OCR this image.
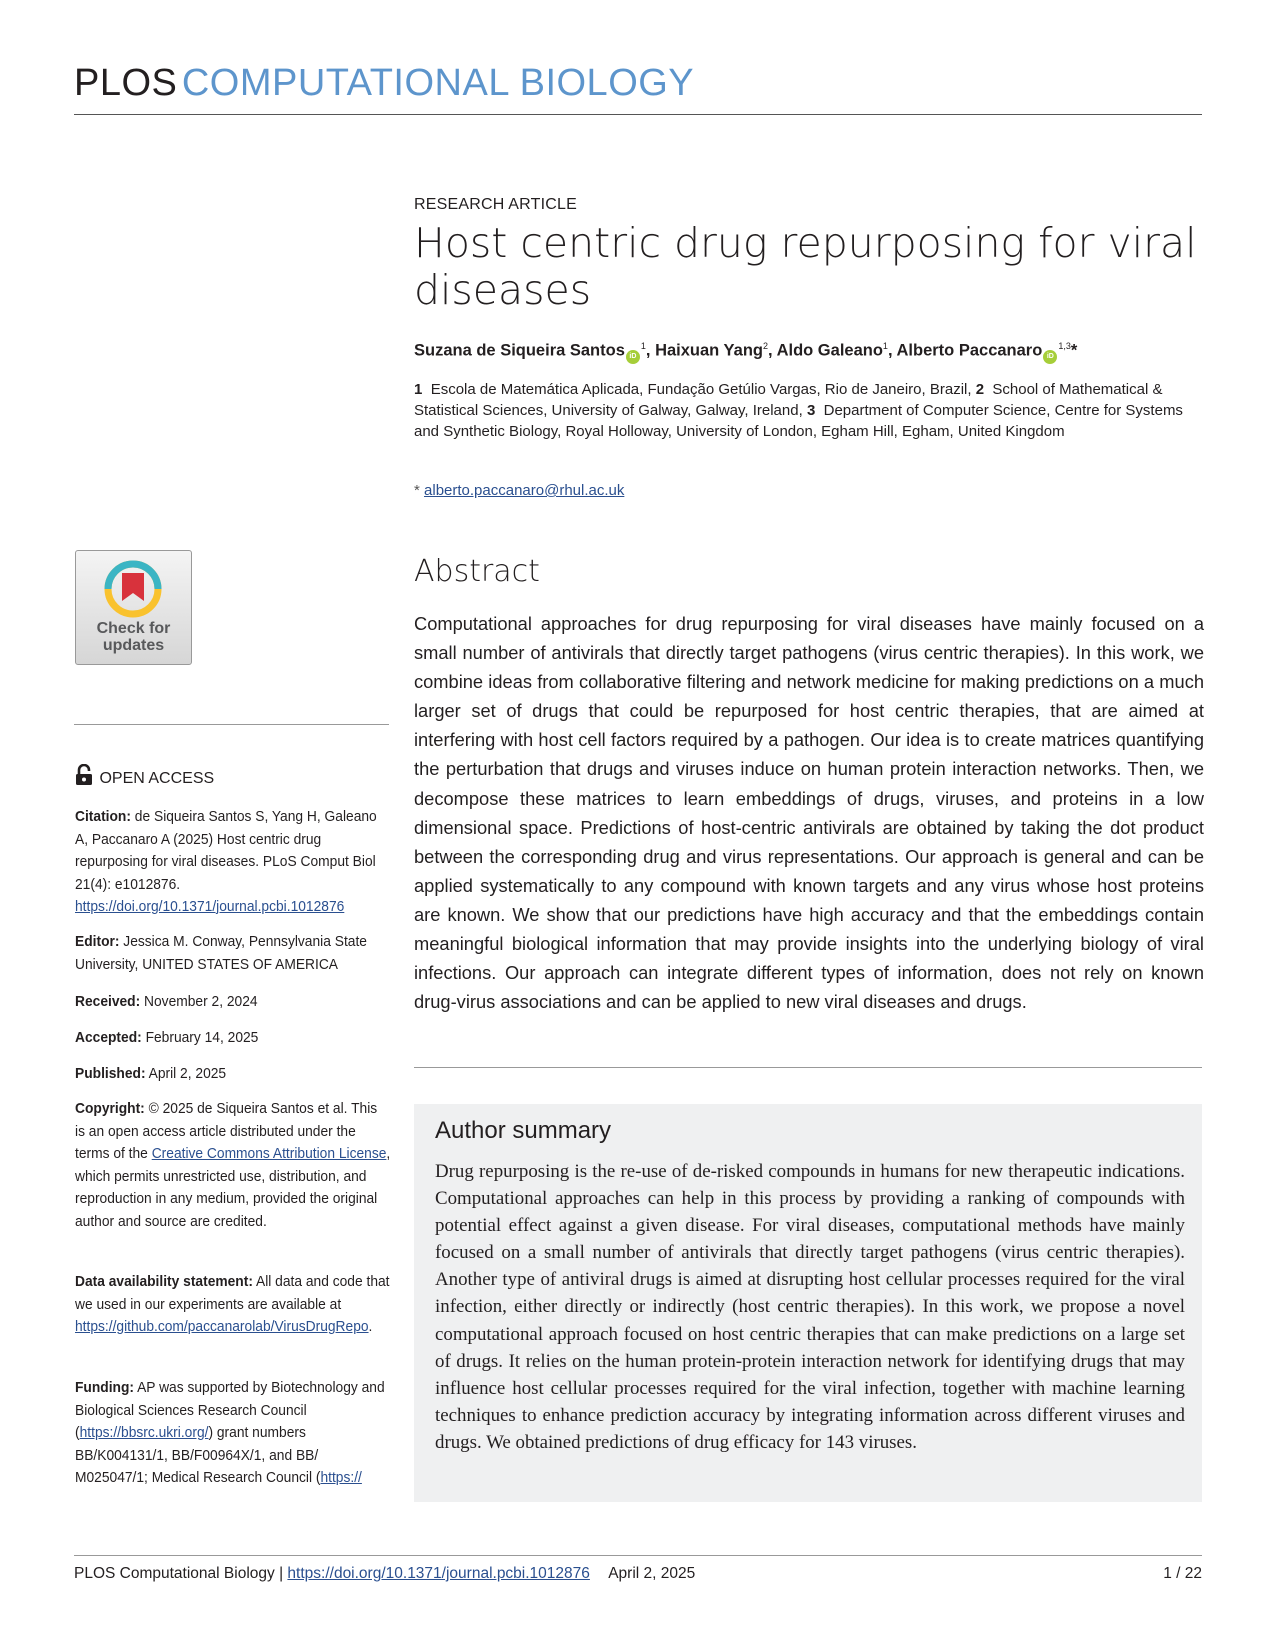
PLOS COMPUTATIONAL BIOLOGY
RESEARCH ARTICLE
Host centric drug repurposing for viral diseases
Suzana de Siqueira Santos $iD^1$, Haixuan Yang$^2$, Aldo Galeano$^1$, Alberto Paccanaro iD$^{1,3}$*
1 Escola de Matemática Aplicada, Fundação Getúlio Vargas, Rio de Janeiro, Brazil, 2 School of Mathematical & Statistical Sciences, University of Galway, Galway, Ireland, 3 Department of Computer Science, Centre for Systems and Synthetic Biology, Royal Holloway, University of London, Egham Hill, Egham, United Kingdom
* alberto.paccanaro@rhul.ac.uk
Abstract
Computational approaches for drug repurposing for viral diseases have mainly focused on a small number of antivirals that directly target pathogens (virus centric therapies). In this work, we combine ideas from collaborative filtering and network medicine for making predictions on a much larger set of drugs that could be repurposed for host centric therapies, that are aimed at interfering with host cell factors required by a pathogen. Our idea is to create matrices quantifying the perturbation that drugs and viruses induce on human protein interaction networks. Then, we decompose these matrices to learn embeddings of drugs, viruses, and proteins in a low dimensional space. Predictions of host-centric antivirals are obtained by taking the dot product between the corresponding drug and virus representations. Our approach is general and can be applied systematically to any compound with known targets and any virus whose host proteins are known. We show that our predictions have high accuracy and that the embeddings contain meaningful biological information that may provide insights into the underlying biology of viral infections. Our approach can integrate different types of information, does not rely on known drug-virus associations and can be applied to new viral diseases and drugs.
Author summary
Drug repurposing is the re-use of de-risked compounds in humans for new therapeutic indications. Computational approaches can help in this process by providing a ranking of compounds with potential effect against a given disease. For viral diseases, computational methods have mainly focused on a small number of antivirals that directly target pathogens (virus centric therapies). Another type of antiviral drugs is aimed at disrupting host cellular processes required for the viral infection, either directly or indirectly (host centric therapies). In this work, we propose a novel computational approach focused on host centric therapies that can make predictions on a large set of drugs. It relies on the human protein-protein interaction network for identifying drugs that may influence host cellular processes required for the viral infection, together with machine learning techniques to enhance prediction accuracy by integrating information across different viruses and drugs. We obtained predictions of drug efficacy for 143 viruses.
Check for
updates
OPEN ACCESS
Citation: de Siqueira Santos S, Yang H, Galeano A, Paccanaro A (2025) Host centric drug repurposing for viral diseases. PLoS Comput Biol 21(4): e1012876. https://doi.org/10.1371/journal.pcbi.1012876
Editor: Jessica M. Conway, Pennsylvania State University, UNITED STATES OF AMERICA
Received: November 2, 2024
Accepted: February 14, 2025
Published: April 2, 2025
Copyright: © 2025 de Siqueira Santos et al. This is an open access article distributed under the terms of the Creative Commons Attribution License, which permits unrestricted use, distribution, and reproduction in any medium, provided the original author and source are credited.
Data availability statement: All data and code that we used in our experiments are available at https://github.com/paccanarolab/VirusDrugRepo.
Funding: AP was supported by Biotechnology and Biological Sciences Research Council (https://bbsrc.ukri.org/) grant numbers BB/K004131/1, BB/F00964X/1, and BB/ M025047/1; Medical Research Council (https://
PLOS Computational Biology | https://doi.org/10.1371/journal.pcbi.1012876 April 2, 2025	1 / 22
